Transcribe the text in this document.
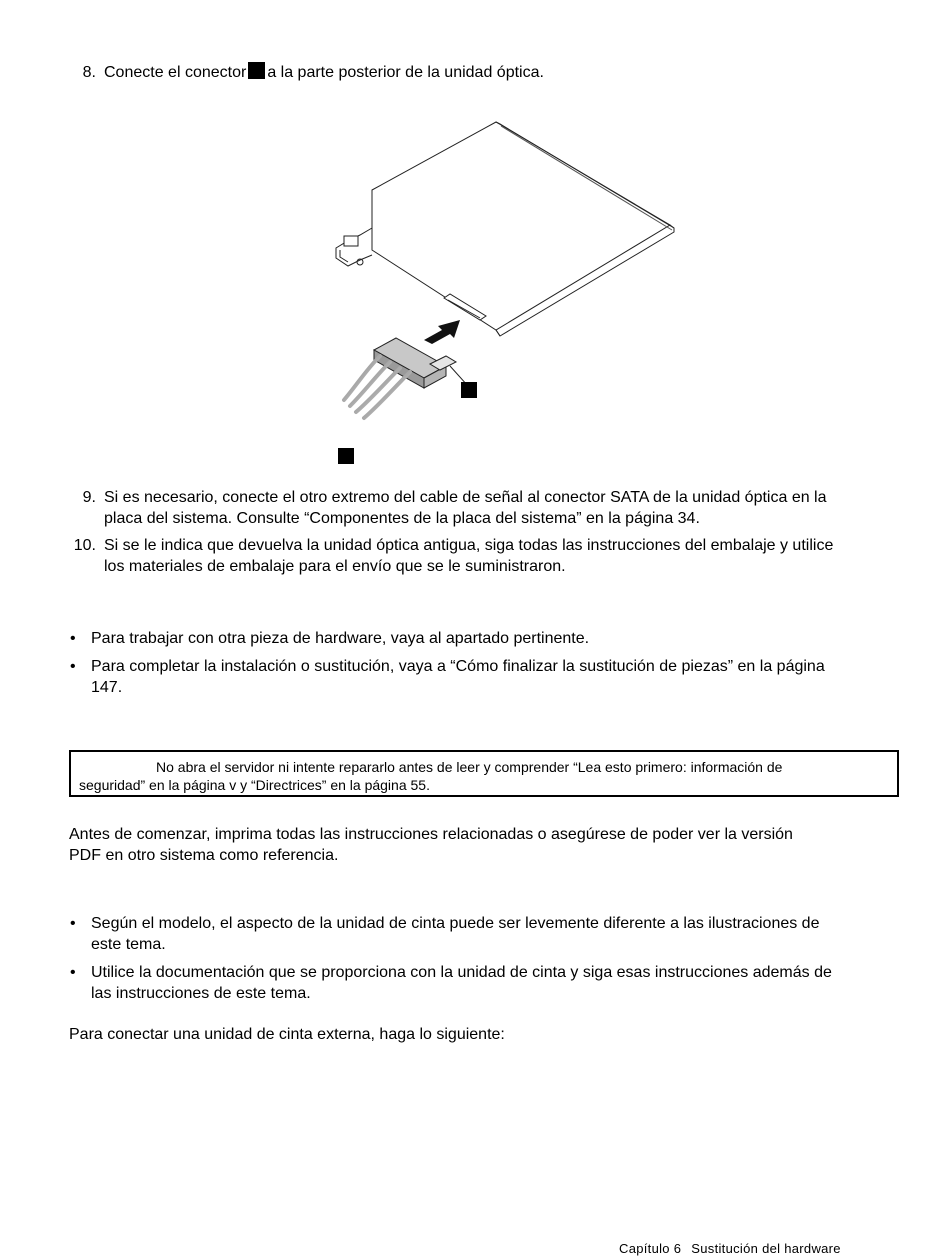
8. Conecte el conector a la parte posterior de la unidad óptica.
9. Si es necesario, conecte el otro extremo del cable de señal al conector SATA de la unidad óptica en la
placa del sistema. Consulte “Componentes de la placa del sistema” en la página 34.
10. Si se le indica que devuelva la unidad óptica antigua, siga todas las instrucciones del embalaje y utilice
los materiales de embalaje para el envío que se le suministraron.
• Para trabajar con otra pieza de hardware, vaya al apartado pertinente.
• Para completar la instalación o sustitución, vaya a “Cómo finalizar la sustitución de piezas” en la página
147.
No abra el servidor ni intente repararlo antes de leer y comprender “Lea esto primero: información de
seguridad” en la página v y “Directrices” en la página 55.
Antes de comenzar, imprima todas las instrucciones relacionadas o asegúrese de poder ver la versión
PDF en otro sistema como referencia.
• Según el modelo, el aspecto de la unidad de cinta puede ser levemente diferente a las ilustraciones de
este tema.
• Utilice la documentación que se proporciona con la unidad de cinta y siga esas instrucciones además de
las instrucciones de este tema.
Para conectar una unidad de cinta externa, haga lo siguiente:
Capítulo 6 Sustitución del hardware
